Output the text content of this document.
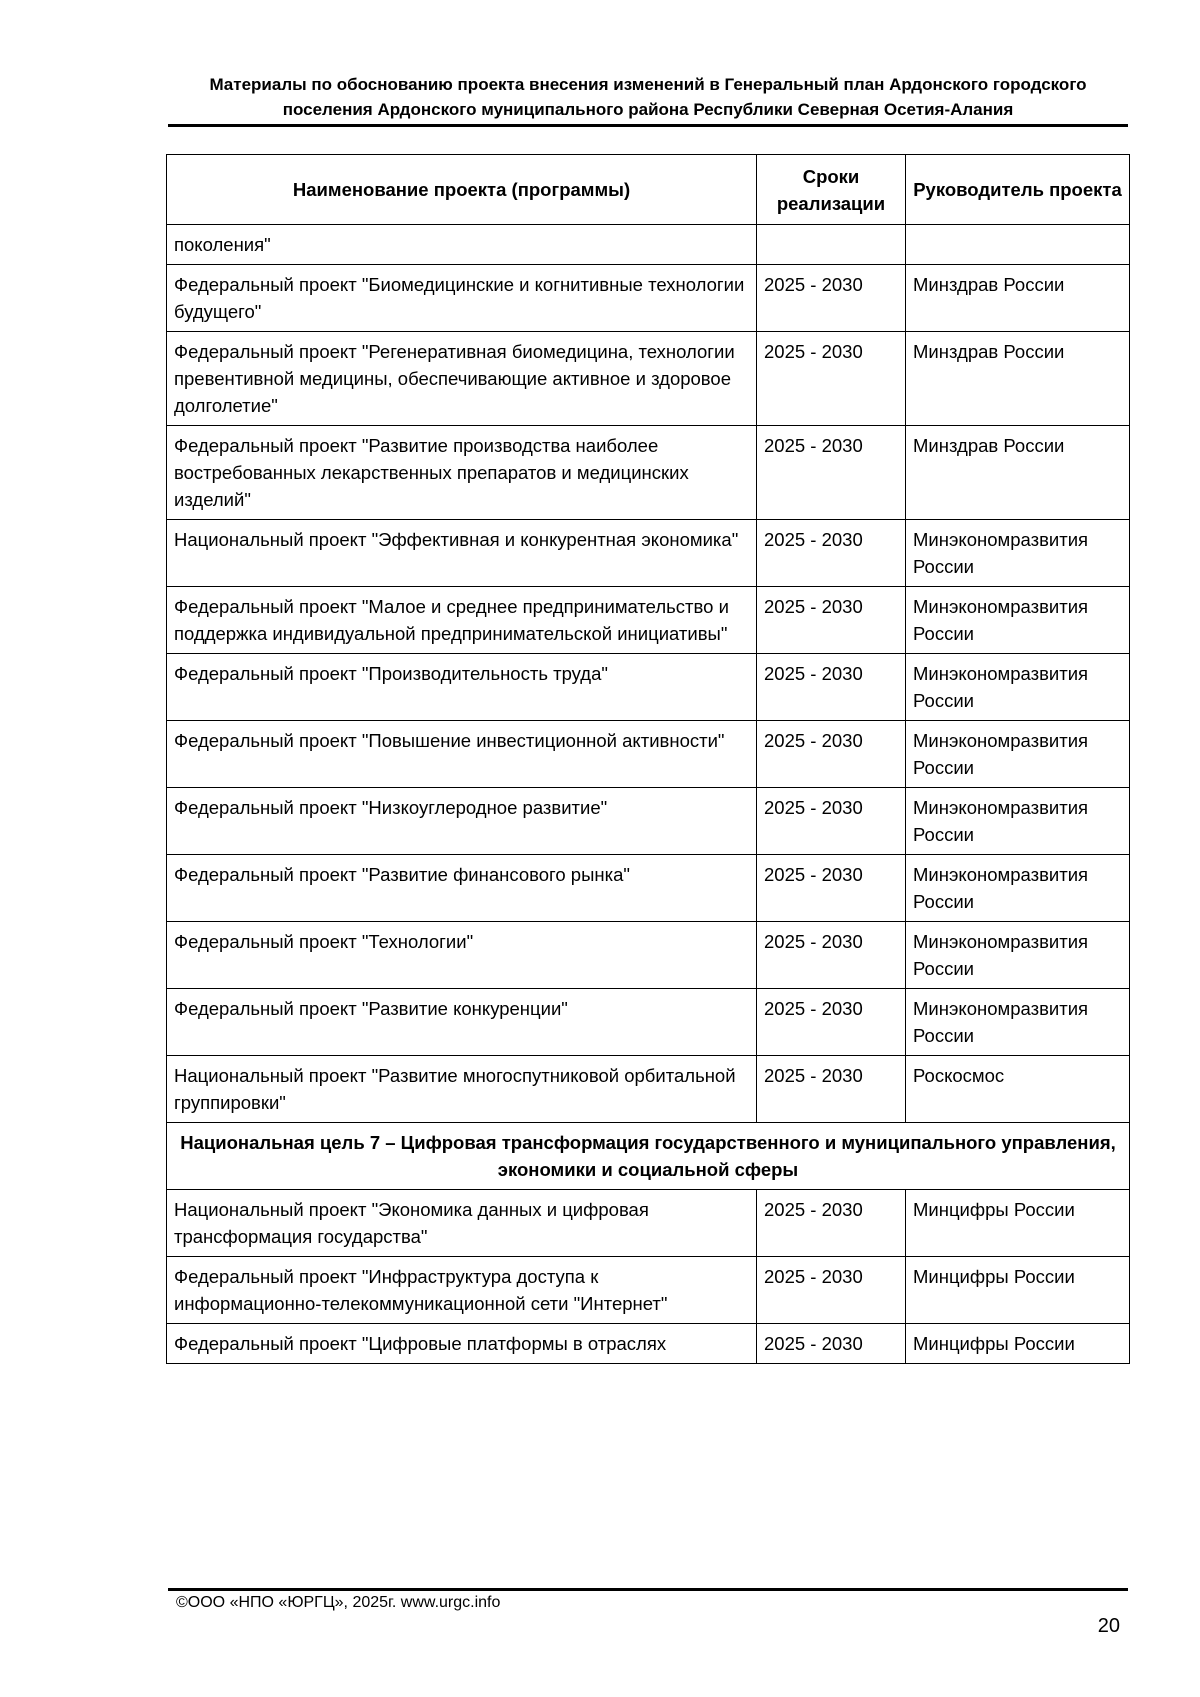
Материалы по обоснованию проекта внесения изменений в Генеральный план Ардонского городского
поселения Ардонского муниципального района Республики Северная Осетия-Алания
Наименование проекта (программы)	Сроки реализации	Руководитель проекта
поколения"		
Федеральный проект "Биомедицинские и когнитивные технологии будущего"	2025 - 2030	Минздрав России
Федеральный проект "Регенеративная биомедицина, технологии превентивной медицины, обеспечивающие активное и здоровое долголетие"	2025 - 2030	Минздрав России
Федеральный проект "Развитие производства наиболее востребованных лекарственных препаратов и медицинских изделий"	2025 - 2030	Минздрав России
Национальный проект "Эффективная и конкурентная экономика"	2025 - 2030	Минэкономразвития России
Федеральный проект "Малое и среднее предпринимательство и поддержка индивидуальной предпринимательской инициативы"	2025 - 2030	Минэкономразвития России
Федеральный проект "Производительность труда"	2025 - 2030	Минэкономразвития России
Федеральный проект "Повышение инвестиционной активности"	2025 - 2030	Минэкономразвития России
Федеральный проект "Низкоуглеродное развитие"	2025 - 2030	Минэкономразвития России
Федеральный проект "Развитие финансового рынка"	2025 - 2030	Минэкономразвития России
Федеральный проект "Технологии"	2025 - 2030	Минэкономразвития России
Федеральный проект "Развитие конкуренции"	2025 - 2030	Минэкономразвития России
Национальный проект "Развитие многоспутниковой орбитальной группировки"	2025 - 2030	Роскосмос
Национальная цель 7 – Цифровая трансформация государственного и муниципального управления, экономики и социальной сферы		
Национальный проект "Экономика данных и цифровая трансформация государства"	2025 - 2030	Минцифры России
Федеральный проект "Инфраструктура доступа к информационно-телекоммуникационной сети "Интернет"	2025 - 2030	Минцифры России
Федеральный проект "Цифровые платформы в отраслях	2025 - 2030	Минцифры России
©ООО «НПО «ЮРГЦ», 2025г. www.urgc.info
20
